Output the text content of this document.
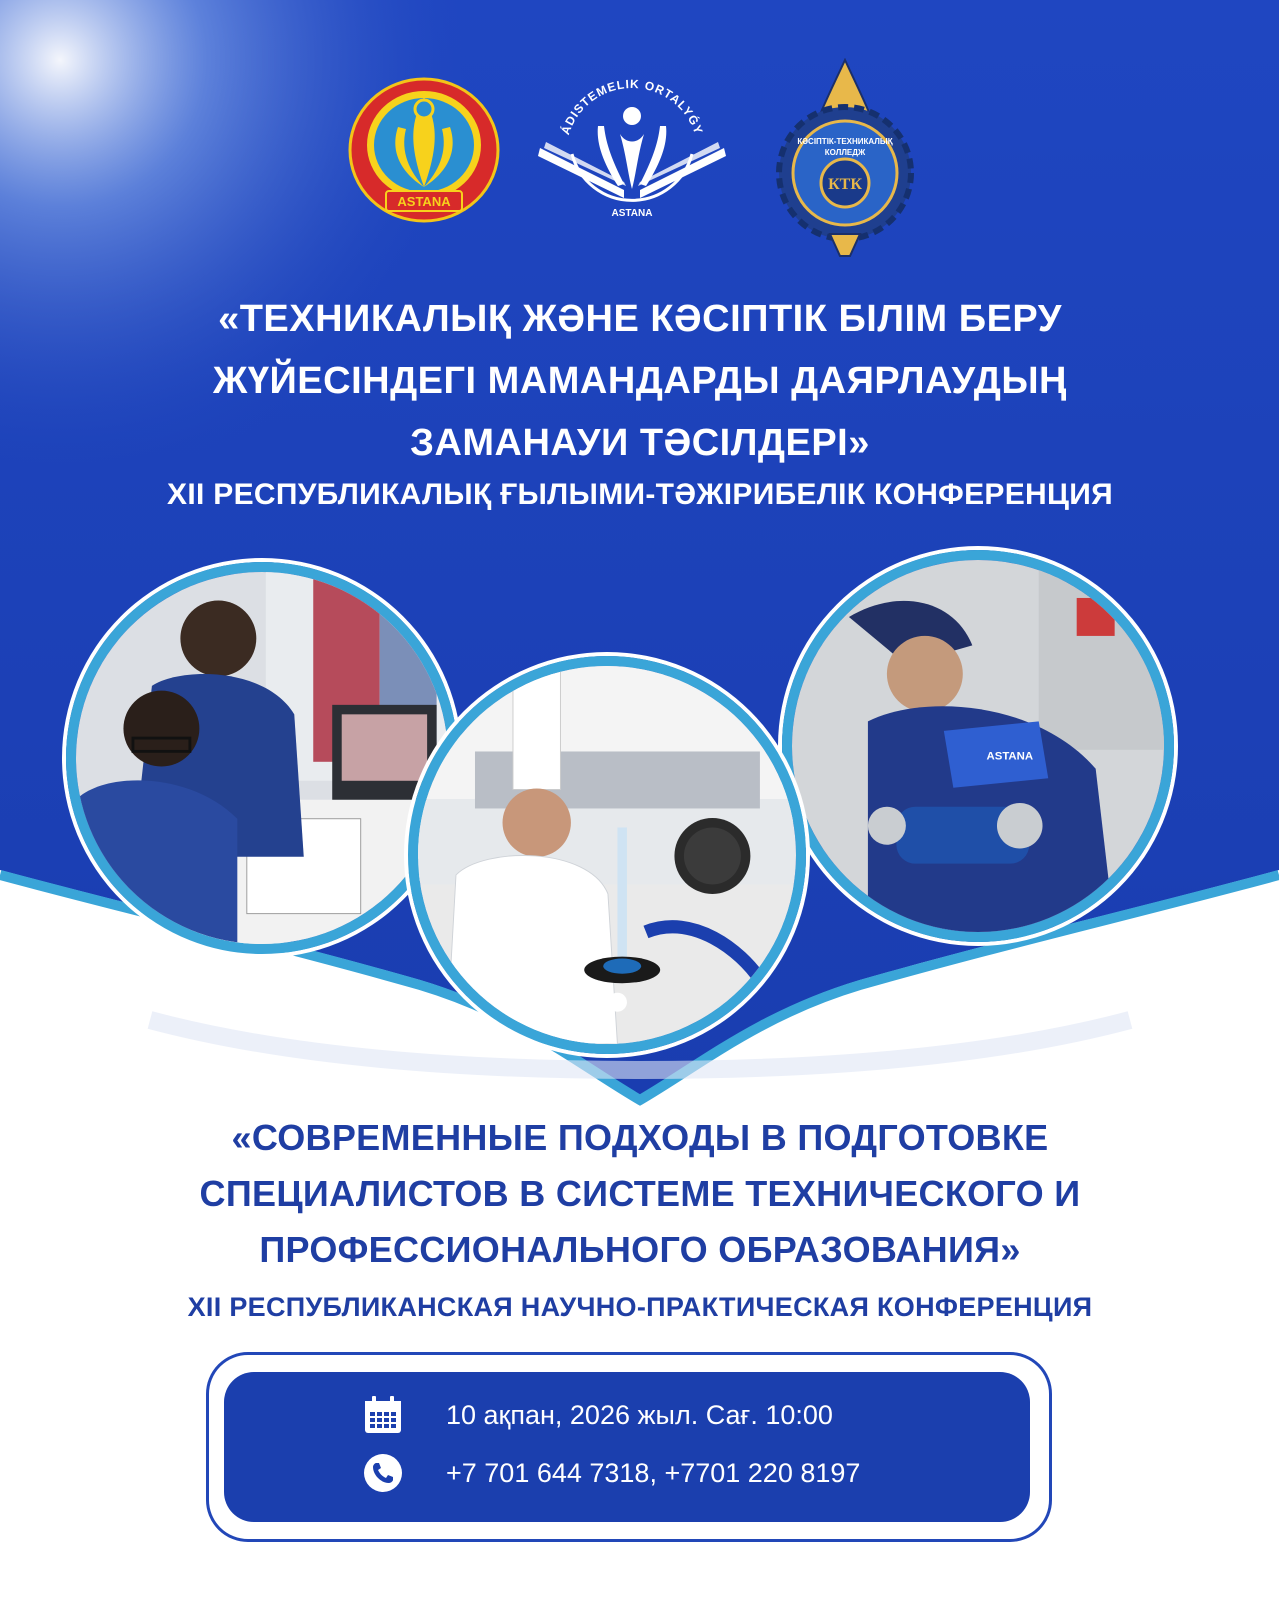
ASTANA
ÁDISTEMELIK ORTALYǴY
ASTANA
КӘСІПТІК-ТЕХНИКАЛЫҚ
КОЛЛЕДЖ
КТК
«ТЕХНИКАЛЫҚ ЖӘНЕ КӘСІПТІК БІЛІМ БЕРУ
ЖҮЙЕСІНДЕГІ МАМАНДАРДЫ ДАЯРЛАУДЫҢ
ЗАМАНАУИ ТӘСІЛДЕРІ»
XII РЕСПУБЛИКАЛЫҚ ҒЫЛЫМИ-ТӘЖІРИБЕЛІК КОНФЕРЕНЦИЯ
ASTANA
«СОВРЕМЕННЫЕ ПОДХОДЫ В ПОДГОТОВКЕ
СПЕЦИАЛИСТОВ В СИСТЕМЕ ТЕХНИЧЕСКОГО И
ПРОФЕССИОНАЛЬНОГО ОБРАЗОВАНИЯ»
XII РЕСПУБЛИКАНСКАЯ НАУЧНО-ПРАКТИЧЕСКАЯ КОНФЕРЕНЦИЯ
10 ақпан, 2026 жыл. Сағ. 10:00
+7 701 644 7318, +7701 220 8197
